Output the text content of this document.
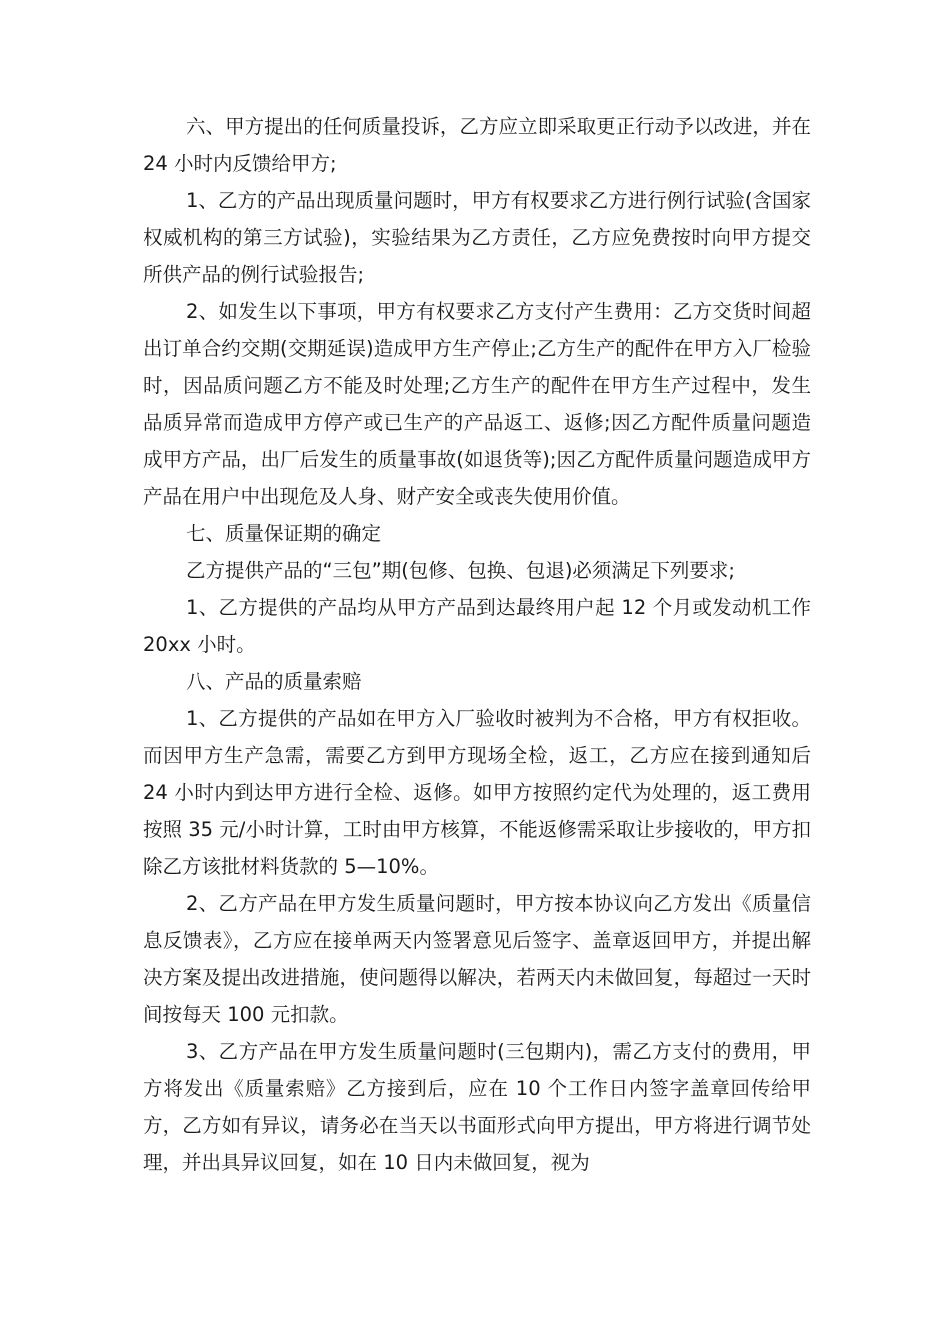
六、甲方提出的任何质量投诉，乙方应立即采取更正行动予以改进，并在 24 小时内反馈给甲方;

1、乙方的产品出现质量问题时，甲方有权要求乙方进行例行试验(含国家权威机构的第三方试验)，实验结果为乙方责任，乙方应免费按时向甲方提交所供产品的例行试验报告;

2、如发生以下事项，甲方有权要求乙方支付产生费用：乙方交货时间超出订单合约交期(交期延误)造成甲方生产停止;乙方生产的配件在甲方入厂检验时，因品质问题乙方不能及时处理;乙方生产的配件在甲方生产过程中，发生品质异常而造成甲方停产或已生产的产品返工、返修;因乙方配件质量问题造成甲方产品，出厂后发生的质量事故(如退货等);因乙方配件质量问题造成甲方产品在用户中出现危及人身、财产安全或丧失使用价值。

七、质量保证期的确定

乙方提供产品的“三包”期(包修、包换、包退)必须满足下列要求;

1、乙方提供的产品均从甲方产品到达最终用户起 12 个月或发动机工作 20xx 小时。

八、产品的质量索赔

1、乙方提供的产品如在甲方入厂验收时被判为不合格，甲方有权拒收。而因甲方生产急需，需要乙方到甲方现场全检，返工，乙方应在接到通知后 24 小时内到达甲方进行全检、返修。如甲方按照约定代为处理的，返工费用按照 35 元/小时计算，工时由甲方核算，不能返修需采取让步接收的，甲方扣除乙方该批材料货款的 5—10%。

2、乙方产品在甲方发生质量问题时，甲方按本协议向乙方发出《质量信息反馈表》，乙方应在接单两天内签署意见后签字、盖章返回甲方，并提出解决方案及提出改进措施，使问题得以解决，若两天内未做回复，每超过一天时间按每天 100 元扣款。

3、乙方产品在甲方发生质量问题时(三包期内)，需乙方支付的费用，甲方将发出《质量索赔》乙方接到后，应在 10 个工作日内签字盖章回传给甲方，乙方如有异议，请务必在当天以书面形式向甲方提出，甲方将进行调节处理，并出具异议回复，如在 10 日内未做回复，视为
